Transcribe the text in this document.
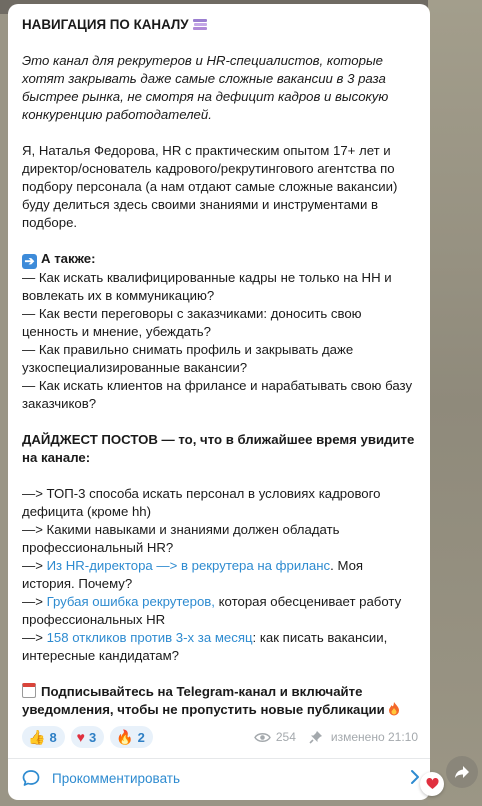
НАВИГАЦИЯ ПО КАНАЛУ

Это канал для рекрутеров и HR-специалистов, которые хотят закрывать даже самые сложные вакансии в 3 раза быстрее рынка, не смотря на дефицит кадров и высокую конкуренцию работодателей.

Я, Наталья Федорова, HR с практическим опытом 17+ лет и директор/основатель кадрового/рекрутингового агентства по подбору персонала (а нам отдают самые сложные вакансии) буду делиться здесь своими знаниями и инструментами в подборе.

➔ А также:

— Как искать квалифицированные кадры не только на HH и вовлекать их в коммуникацию?

— Как вести переговоры с заказчиками: доносить свою ценность и мнение, убеждать?

— Как правильно снимать профиль и закрывать даже узкоспециализированные вакансии?

— Как искать клиентов на фрилансе и нарабатывать свою базу заказчиков?

ДАЙДЖЕСТ ПОСТОВ — то, что в ближайшее время увидите на канале:

—> ТОП-3 способа искать персонал в условиях кадрового дефицита (кроме hh)

—> Какими навыками и знаниями должен обладать профессиональный HR?

—> Из HR-директора —> в рекрутера на фриланс. Моя история. Почему?

—> Грубая ошибка рекрутеров, которая обесценивает работу профессиональных HR

—> 158 откликов против 3-х за месяц: как писать вакансии, интересные кандидатам?

Подписывайтесь на Telegram-канал и включайте уведомления, чтобы не пропустить новые публикации

👍 8 ♥ 3 🔥 2	254	изменено 21:10
Прокомментировать
